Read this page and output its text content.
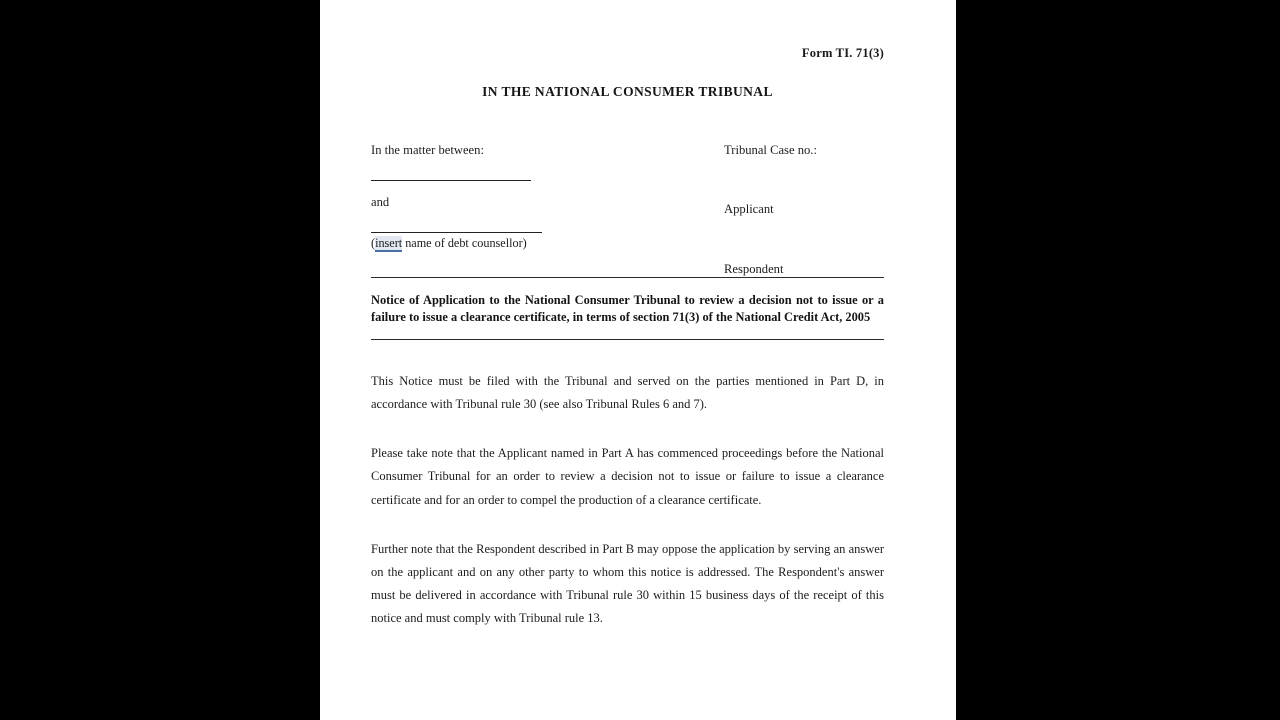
Form TI. 71(3)
IN THE NATIONAL CONSUMER TRIBUNAL
Tribunal Case no.:
Applicant
Respondent
In the matter between:
and
(insert name of debt counsellor)
Notice of Application to the National Consumer Tribunal to review a decision not to issue or a failure to issue a clearance certificate, in terms of section 71(3) of the National Credit Act, 2005
This Notice must be filed with the Tribunal and served on the parties mentioned in Part D, in accordance with Tribunal rule 30 (see also Tribunal Rules 6 and 7).
Please take note that the Applicant named in Part A has commenced proceedings before the National Consumer Tribunal for an order to review a decision not to issue or failure to issue a clearance certificate and for an order to compel the production of a clearance certificate.
Further note that the Respondent described in Part B may oppose the application by serving an answer on the applicant and on any other party to whom this notice is addressed. The Respondent's answer must be delivered in accordance with Tribunal rule 30 within 15 business days of the receipt of this notice and must comply with Tribunal rule 13.
